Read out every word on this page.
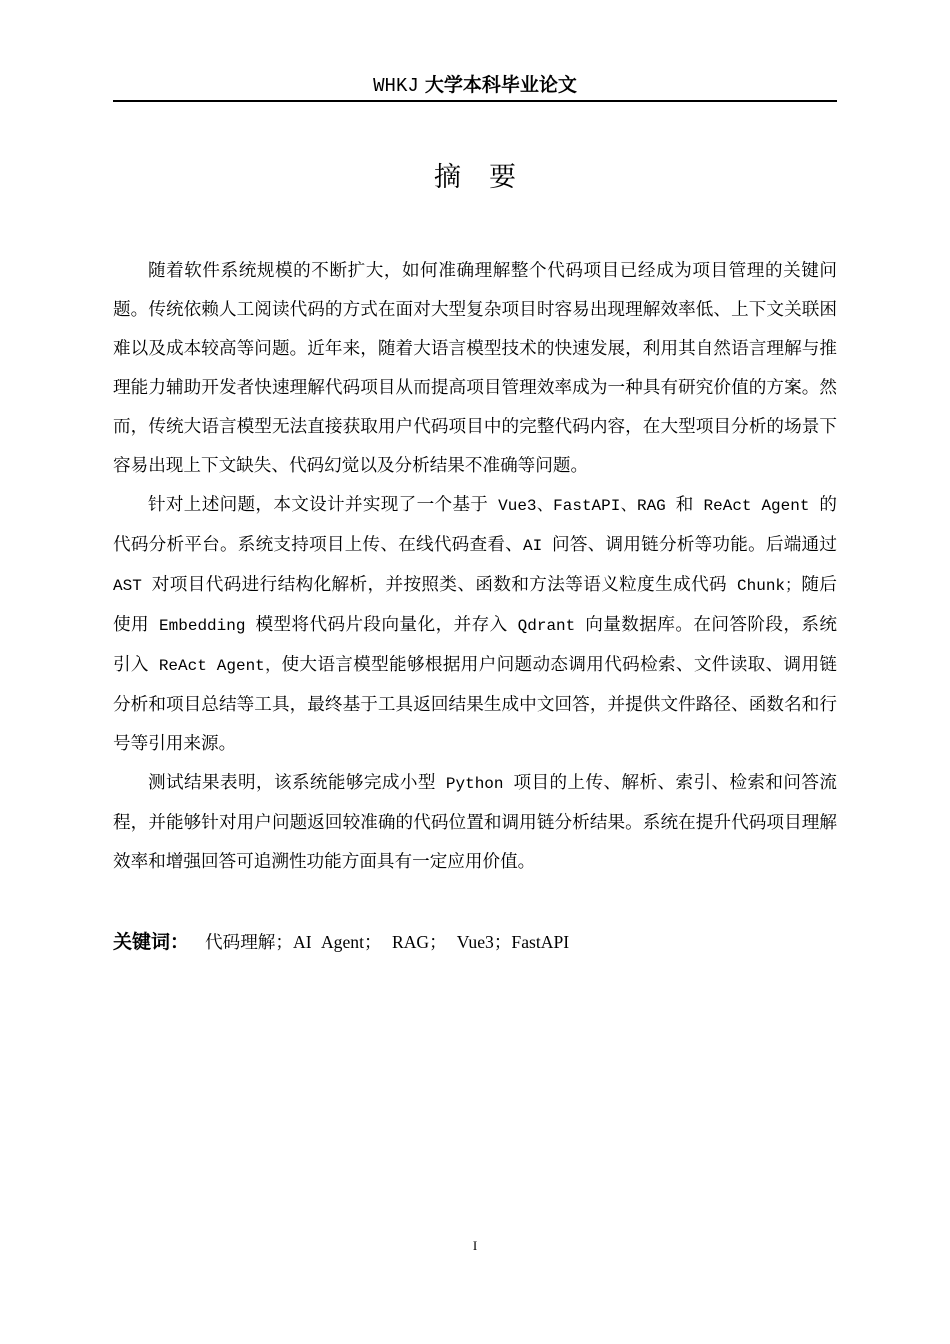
WHKJ 大学本科毕业论文
摘要

随着软件系统规模的不断扩大，如何准确理解整个代码项目已经成为项目管理的关键问题。传统依赖人工阅读代码的方式在面对大型复杂项目时容易出现理解效率低、上下文关联困难以及成本较高等问题。近年来，随着大语言模型技术的快速发展，利用其自然语言理解与推理能力辅助开发者快速理解代码项目从而提高项目管理效率成为一种具有研究价值的方案。然而，传统大语言模型无法直接获取用户代码项目中的完整代码内容，在大型项目分析的场景下容易出现上下文缺失、代码幻觉以及分析结果不准确等问题。

针对上述问题，本文设计并实现了一个基于 Vue3、FastAPI、RAG 和 ReAct Agent 的代码分析平台。系统支持项目上传、在线代码查看、AI 问答、调用链分析等功能。后端通过 AST 对项目代码进行结构化解析，并按照类、函数和方法等语义粒度生成代码 Chunk；随后使用 Embedding 模型将代码片段向量化，并存入 Qdrant 向量数据库。在问答阶段，系统引入 ReAct Agent，使大语言模型能够根据用户问题动态调用代码检索、文件读取、调用链分析和项目总结等工具，最终基于工具返回结果生成中文回答，并提供文件路径、函数名和行号等引用来源。

测试结果表明，该系统能够完成小型 Python 项目的上传、解析、索引、检索和问答流程，并能够针对用户问题返回较准确的代码位置和调用链分析结果。系统在提升代码项目理解效率和增强回答可追溯性功能方面具有一定应用价值。

关键词： 代码理解；AI Agent； RAG； Vue3；FastAPI
I
